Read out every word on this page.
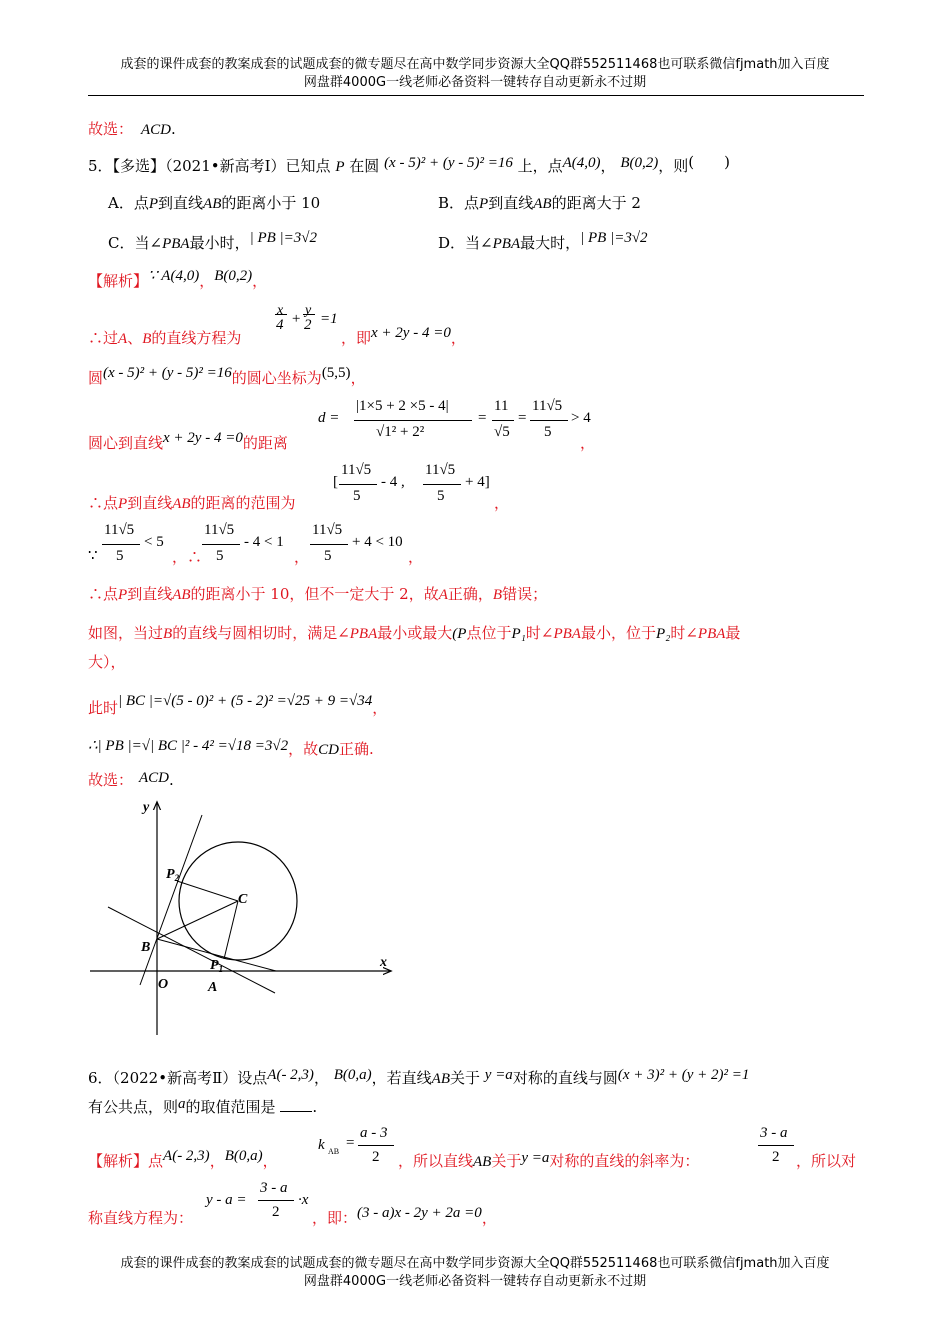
成套的课件成套的教案成套的试题成套的微专题尽在高中数学同步资源大全QQ群552511468也可联系微信fjmath加入百度
网盘群4000G一线老师必备资料一键转存自动更新永不过期
故选： ACD.
5．【多选】（2021•新高考Ⅰ）已知点 P 在圆 (x - 5)² + (y - 5)² =16 上，点A(4,0)， B(0,2)，则(　　)
A．点P到直线AB的距离小于 10	B．点P到直线AB的距离大于 2
C．当∠PBA最小时，| PB |=3√2	D．当∠PBA最大时，| PB |=3√2
【解析】∵ A(4,0)，B(0,2)，
∴过A、B的直线方程为
x
4 +
y
2 =1
，即x + 2y - 4 =0，
圆(x - 5)² + (y - 5)² =16的圆心坐标为(5,5)，
圆心到直线x + 2y - 4 =0的距离
d =
|1×5 + 2 ×5 - 4|
√1² + 2²
=
11
√5
=
11√5
5
> 4
，
∴点P到直线AB的距离的范围为
[
11√5
5
- 4 ,
11√5
5
+ 4]
，
∵
11√5
5
< 5
，∴
11√5
5
- 4 < 1
，
11√5
5
+ 4 < 10
，
∴点P到直线AB的距离小于 10，但不一定大于 2，故A正确，B错误；
如图，当过B的直线与圆相切时，满足∠PBA最小或最大(P点位于P₁时∠PBA最小，位于P₂时∠PBA最
大），
此时| BC |=√(5 - 0)² + (5 - 2)² =√25 + 9 =√34，
∴| PB |=√| BC |² - 4² =√18 =3√2，故CD正确.
故选： ACD.
y
x
O	A
B
C
$P_1$
$P_2$
6．（2022•新高考Ⅱ）设点A(- 2,3)， B(0,a)，若直线AB关于 y =a对称的直线与圆(x + 3)² + (y + 2)² =1
有公共点，则a的取值范围是 .
【解析】点A(- 2,3)，B(0,a)，
k AB
=
a - 3
2 ，所以直线AB关于y =a对称的直线的斜率为：
3 - a
2 ，所以对
称直线方程为：
y - a =
3 - a
2
·x
，即：(3 - a)x - 2y + 2a =0，
成套的课件成套的教案成套的试题成套的微专题尽在高中数学同步资源大全QQ群552511468也可联系微信fjmath加入百度
网盘群4000G一线老师必备资料一键转存自动更新永不过期
